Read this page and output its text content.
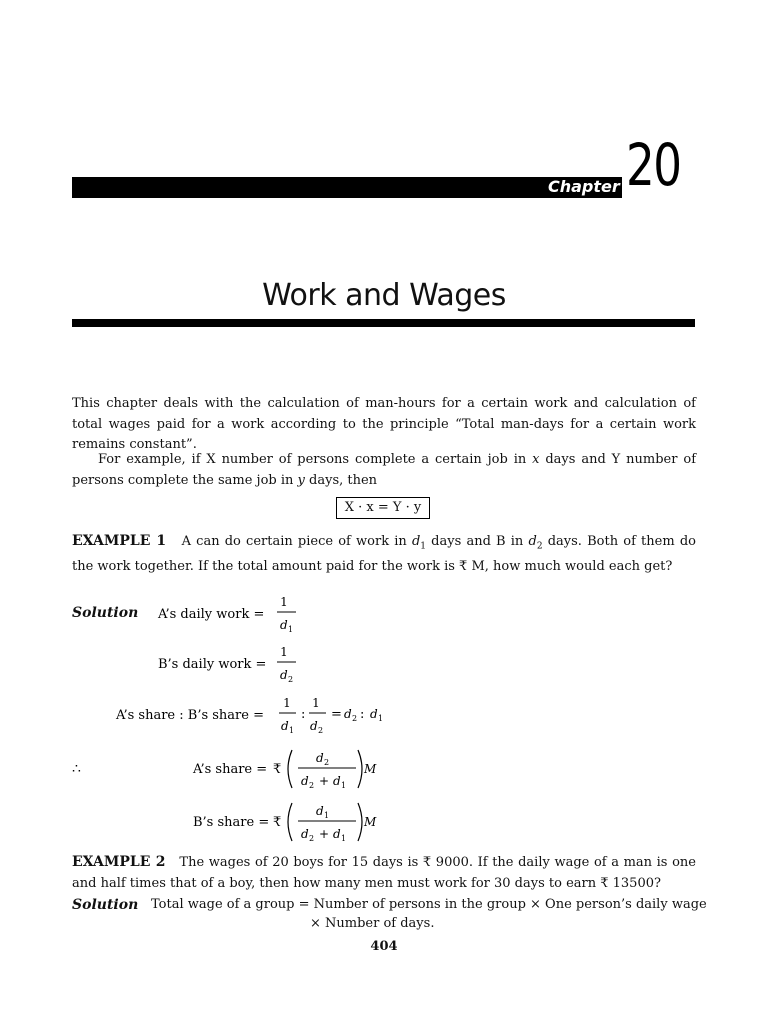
Chapter 20
Work and Wages
This chapter deals with the calculation of man-hours for a certain work and calculation of total wages paid for a work according to the principle “Total man-days for a certain work remains constant”.
For example, if X number of persons complete a certain job in x days and Y number of persons complete the same job in y days, then
X · x = Y · y
EXAMPLE 1 A can do certain piece of work in $d_1$ days and B in $d_2$ days. Both of them do the work together. If the total amount paid for the work is ₹ M, how much would each get?
Solution A’s daily work =
1
d 1
B’s daily work =
1
d 2
A’s share : B’s share =
1
d 1
:
1
d 2
= d 2 : d 1
∴	A’s share = ₹
d 2
d 2 + d 1
M
B’s share = ₹
d 1
d 2 + d 1
M
EXAMPLE 2 The wages of 20 boys for 15 days is ₹ 9000. If the daily wage of a man is one and half times that of a boy, then how many men must work for 30 days to earn ₹ 13500?
Solution Total wage of a group = Number of persons in the group × One person’s daily wage
× Number of days.
404
